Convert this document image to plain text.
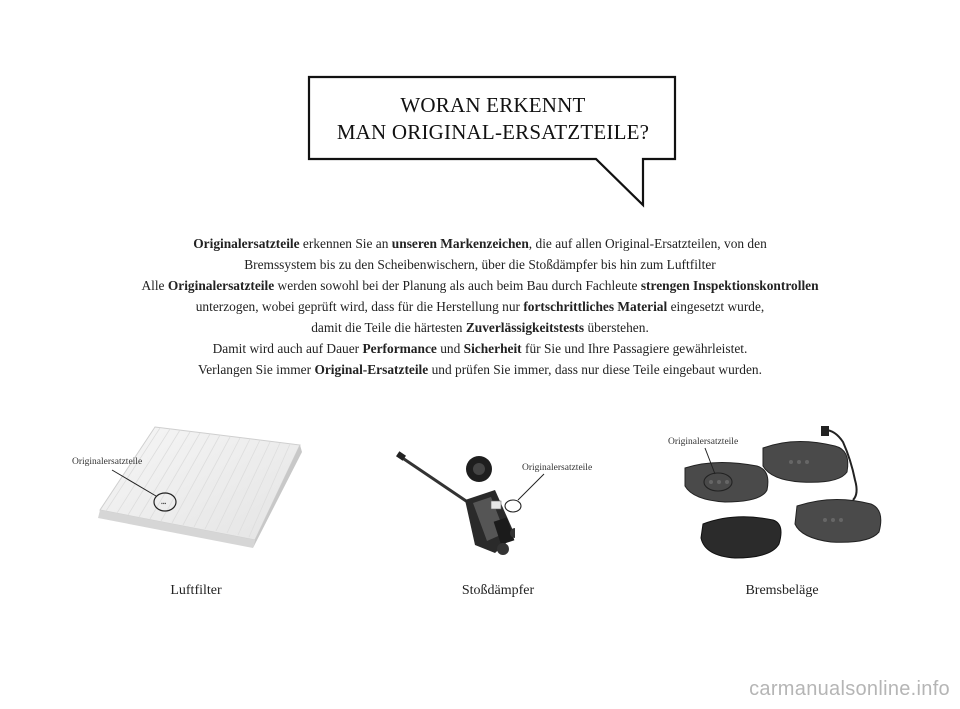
WORAN ERKENNT
MAN ORIGINAL-ERSATZTEILE?

Originalersatzteile erkennen Sie an unseren Markenzeichen, die auf allen Original-Ersatzteilen, von den

Bremssystem bis zu den Scheibenwischern, über die Stoßdämpfer bis hin zum Luftfilter

Alle Originalersatzteile werden sowohl bei der Planung als auch beim Bau durch Fachleute strengen Inspektionskontrollen

unterzogen, wobei geprüft wird, dass für die Herstellung nur fortschrittliches Material eingesetzt wurde,

damit die Teile die härtesten Zuverlässigkeitstests überstehen.

Damit wird auch auf Dauer Performance und Sicherheit für Sie und Ihre Passagiere gewährleistet.

Verlangen Sie immer Original-Ersatzteile und prüfen Sie immer, dass nur diese Teile eingebaut wurden.

▪▪▪
Originalersatzteile
Luftfilter
Originalersatzteile
Stoßdämpfer
Originalersatzteile
Bremsbeläge
carmanualsonline.info
